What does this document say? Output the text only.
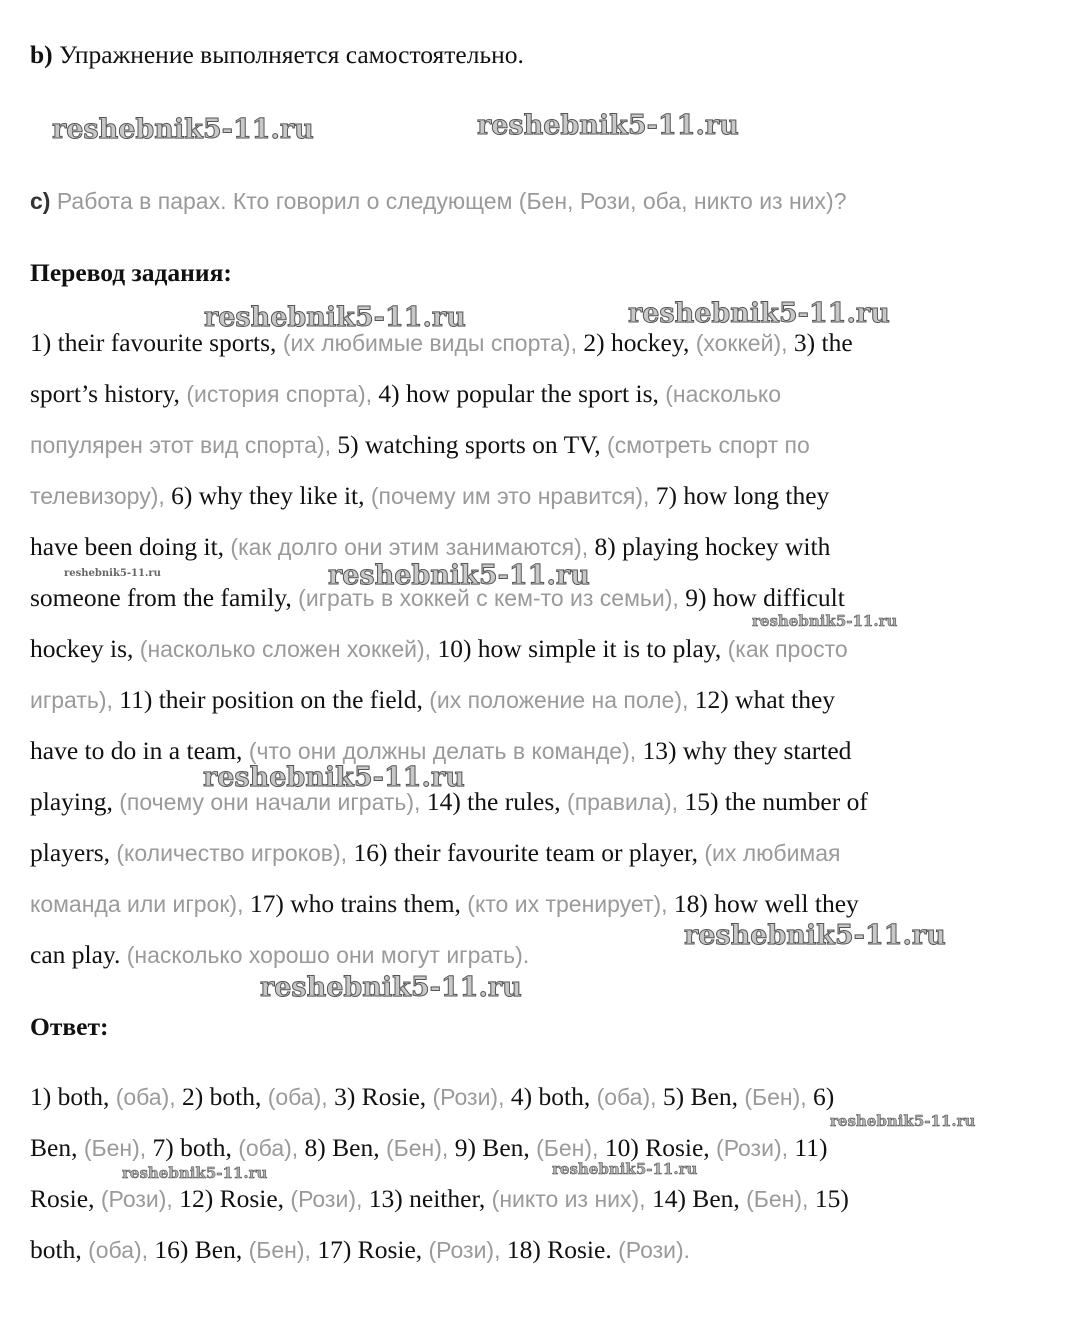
b) Упражнение выполняется самостоятельно.
c) Работа в парах. Кто говорил о следующем (Бен, Рози, оба, никто из них)?
Перевод задания:
1) their favourite sports, (их любимые виды спорта), 2) hockey, (хоккей), 3) the
sport’s history, (история спорта), 4) how popular the sport is, (насколько
популярен этот вид спорта), 5) watching sports on TV, (смотреть спорт по
телевизору), 6) why they like it, (почему им это нравится), 7) how long they
have been doing it, (как долго они этим занимаются), 8) playing hockey with
someone from the family, (играть в хоккей с кем-то из семьи), 9) how difficult
hockey is, (насколько сложен хоккей), 10) how simple it is to play, (как просто
играть), 11) their position on the field, (их положение на поле), 12) what they
have to do in a team, (что они должны делать в команде), 13) why they started
playing, (почему они начали играть), 14) the rules, (правила), 15) the number of
players, (количество игроков), 16) their favourite team or player, (их любимая
команда или игрок), 17) who trains them, (кто их тренирует), 18) how well they
can play. (насколько хорошо они могут играть).
Ответ:
1) both, (оба), 2) both, (оба), 3) Rosie, (Рози), 4) both, (оба), 5) Ben, (Бен), 6)
Ben, (Бен), 7) both, (оба), 8) Ben, (Бен), 9) Ben, (Бен), 10) Rosie, (Рози), 11)
Rosie, (Рози), 12) Rosie, (Рози), 13) neither, (никто из них), 14) Ben, (Бен), 15)
both, (оба), 16) Ben, (Бен), 17) Rosie, (Рози), 18) Rosie. (Рози).
reshebnik5-11.ru	reshebnik5-11.ru
reshebnik5-11.ru	reshebnik5-11.ru
reshebnik5-11.ru	reshebnik5-11.ru
reshebnik5-11.ru
reshebnik5-11.ru
reshebnik5-11.ru
reshebnik5-11.ru
reshebnik5-11.ru
reshebnik5-11.ru	reshebnik5-11.ru
